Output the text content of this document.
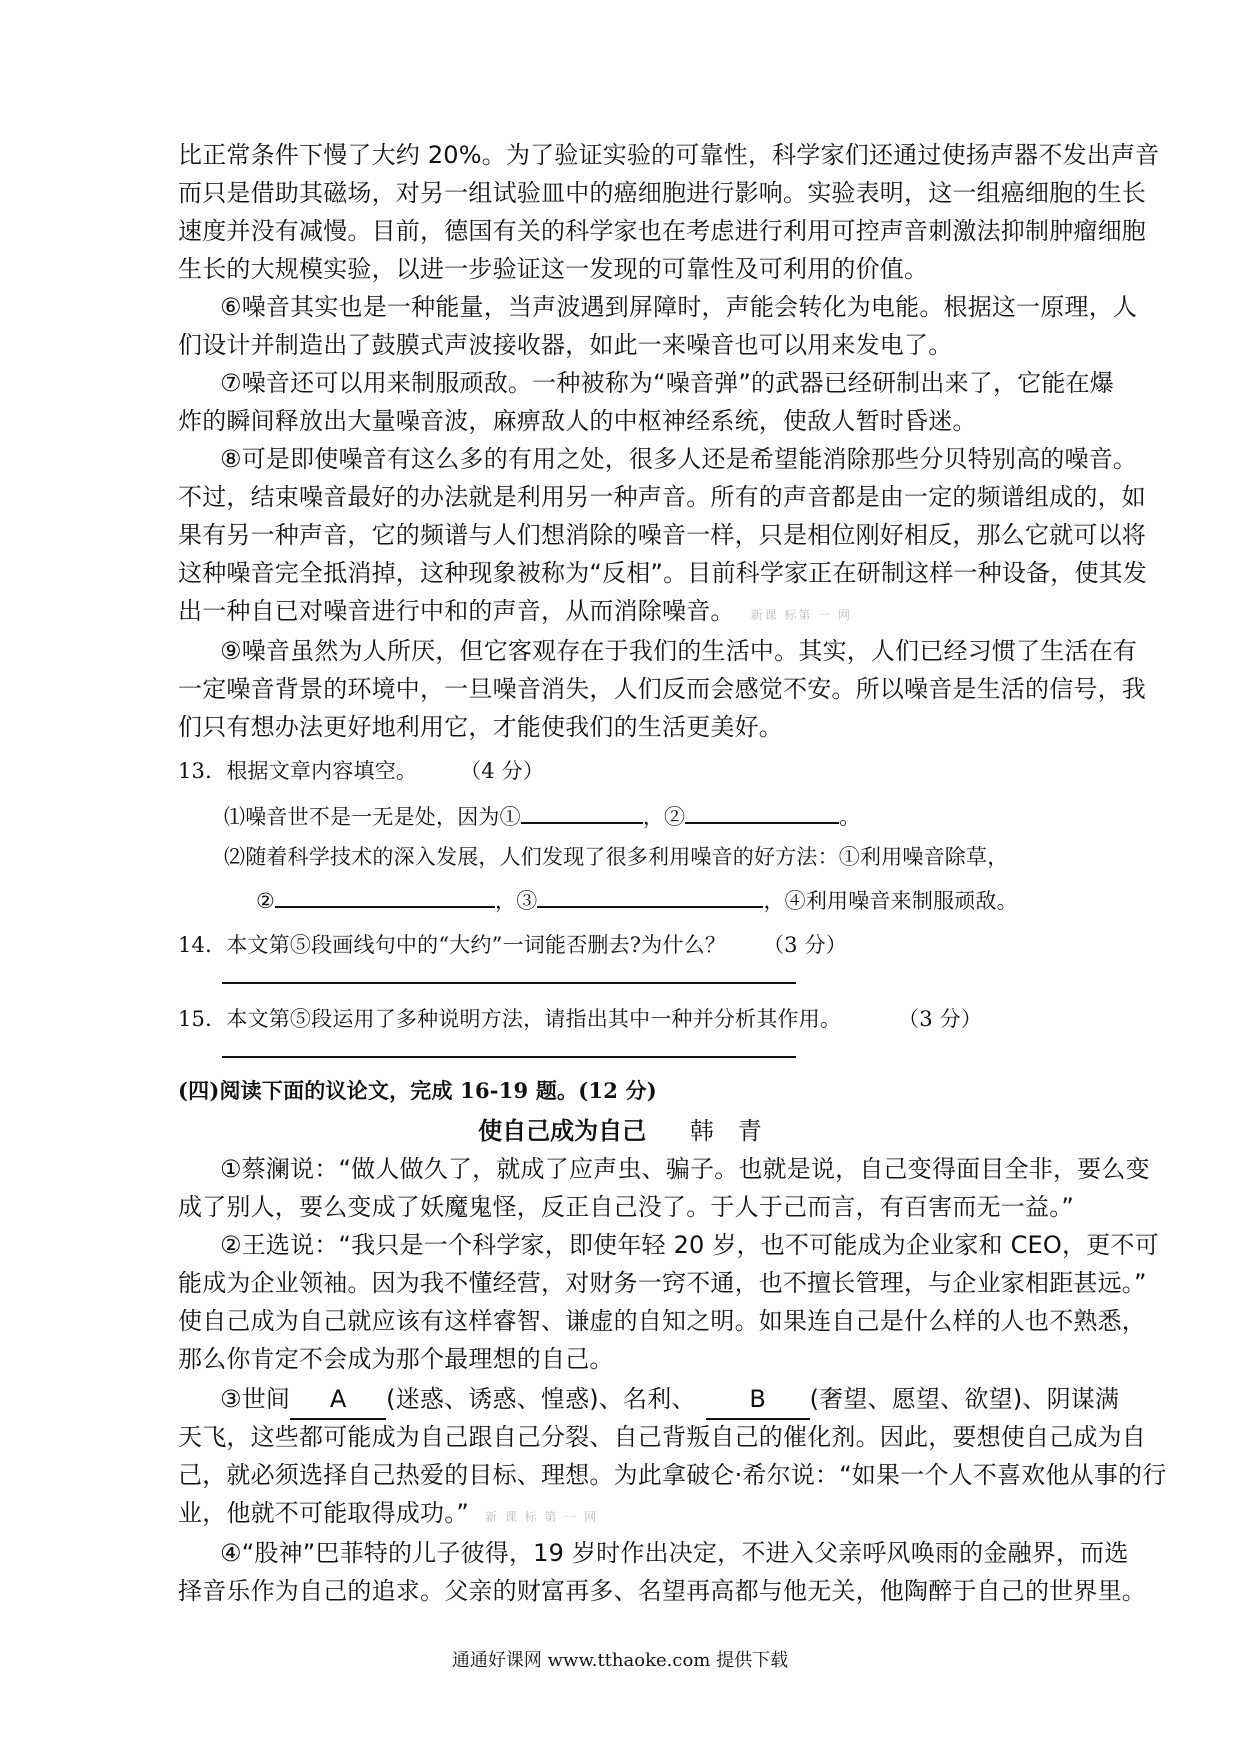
比正常条件下慢了大约 20%。为了验证实验的可靠性，科学家们还通过使扬声器不发出声音
而只是借助其磁场，对另一组试验皿中的癌细胞进行影响。实验表明，这一组癌细胞的生长
速度并没有减慢。目前，德国有关的科学家也在考虑进行利用可控声音刺激法抑制肿瘤细胞
生长的大规模实验，以进一步验证这一发现的可靠性及可利用的价值。
⑥噪音其实也是一种能量，当声波遇到屏障时，声能会转化为电能。根据这一原理，人
们设计并制造出了鼓膜式声波接收器，如此一来噪音也可以用来发电了。
⑦噪音还可以用来制服顽敌。一种被称为“噪音弹”的武器已经研制出来了，它能在爆
炸的瞬间释放出大量噪音波，麻痹敌人的中枢神经系统，使敌人暂时昏迷。
⑧可是即使噪音有这么多的有用之处，很多人还是希望能消除那些分贝特别高的噪音。
不过，结束噪音最好的办法就是利用另一种声音。所有的声音都是由一定的频谱组成的，如
果有另一种声音，它的频谱与人们想消除的噪音一样，只是相位刚好相反，那么它就可以将
这种噪音完全抵消掉，这种现象被称为“反相”。目前科学家正在研制这样一种设备，使其发
出一种自已对噪音进行中和的声音，从而消除噪音。 新课 标第 一 网
⑨噪音虽然为人所厌，但它客观存在于我们的生活中。其实，人们已经习惯了生活在有
一定噪音背景的环境中，一旦噪音消失，人们反而会感觉不安。所以噪音是生活的信号，我
们只有想办法更好地利用它，才能使我们的生活更美好。
13．根据文章内容填空。 （4 分）
⑴噪音世不是一无是处，因为①	，②	。
⑵随着科学技术的深入发展，人们发现了很多利用噪音的好方法：①利用噪音除草，
②	，③	，④利用噪音来制服顽敌。
14．本文第⑤段画线句中的“大约”一词能否删去?为什么？ （3 分）
15．本文第⑤段运用了多种说明方法，请指出其中一种并分析其作用。	（3 分）
(四)阅读下面的议论文，完成 16-19 题。(12 分)
使自己成为自己 韩　青
①蔡澜说：“做人做久了，就成了应声虫、骗子。也就是说，自己变得面目全非，要么变
成了别人，要么变成了妖魔鬼怪，反正自己没了。于人于己而言，有百害而无一益。”
②王选说：“我只是一个科学家，即使年轻 20 岁，也不可能成为企业家和 CEO，更不可
能成为企业领袖。因为我不懂经营，对财务一窍不通，也不擅长管理，与企业家相距甚远。”
使自己成为自己就应该有这样睿智、谦虚的自知之明。如果连自己是什么样的人也不熟悉，
那么你肯定不会成为那个最理想的自己。
③世间 A (迷惑、诱惑、惶惑)、名利、 B (奢望、愿望、欲望)、阴谋满
天飞，这些都可能成为自己跟自己分裂、自己背叛自己的催化剂。因此，要想使自己成为自
己，就必须选择自己热爱的目标、理想。为此拿破仑·希尔说：“如果一个人不喜欢他从事的行
业，他就不可能取得成功。” 新 课 标 第 一 网
④“股神”巴菲特的儿子彼得，19 岁时作出决定，不进入父亲呼风唤雨的金融界，而选
择音乐作为自己的追求。父亲的财富再多、名望再高都与他无关，他陶醉于自己的世界里。
通通好课网 www.tthaoke.com 提供下载
